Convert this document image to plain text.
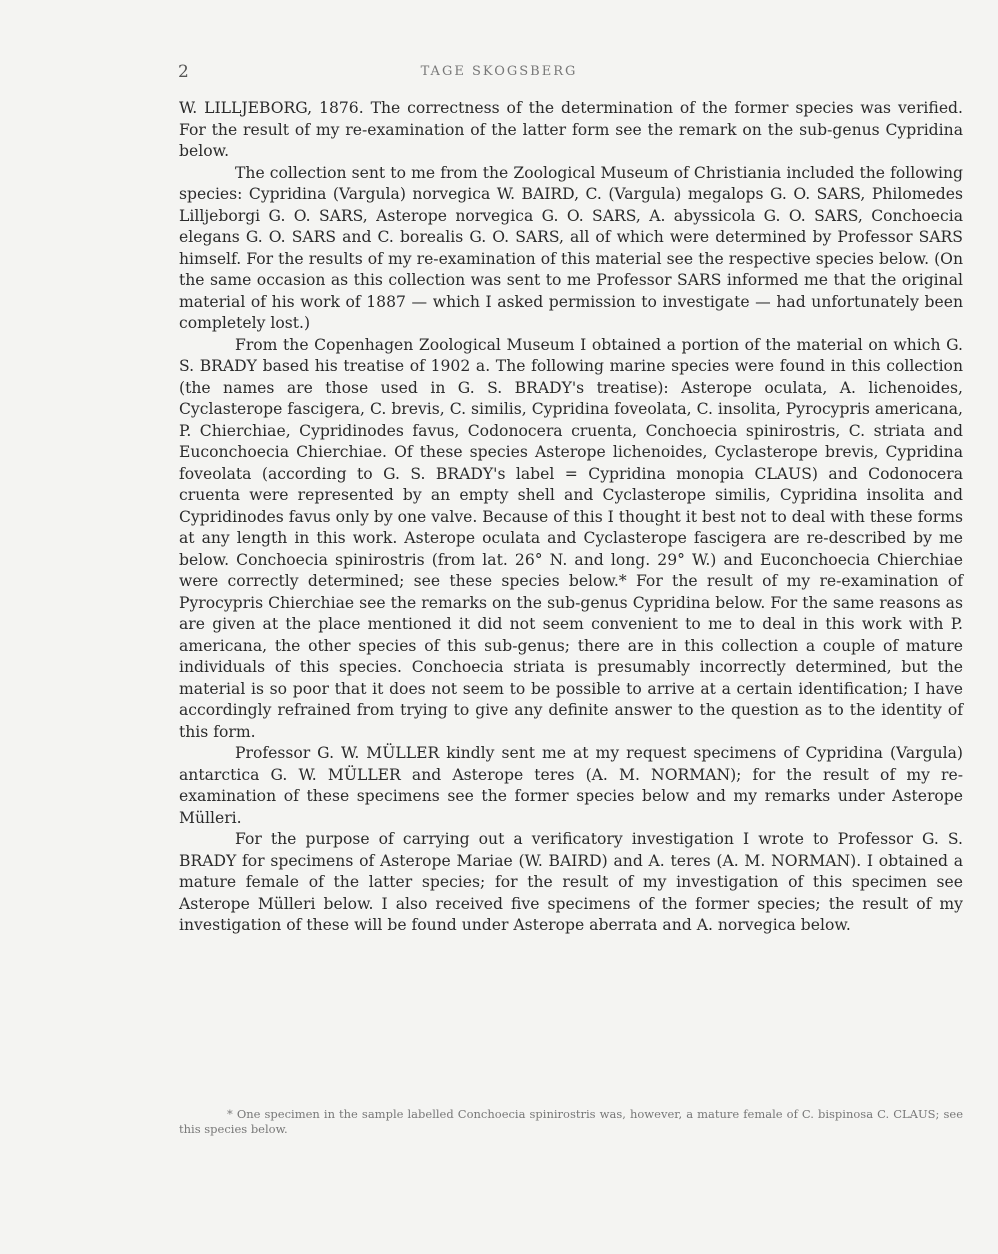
2	TAGE SKOGSBERG

W. LILLJEBORG, 1876. The correctness of the determination of the former species was verified. For the result of my re-examination of the latter form see the remark on the sub-genus Cypridina below.

The collection sent to me from the Zoological Museum of Christiania included the following species: Cypridina (Vargula) norvegica W. BAIRD, C. (Vargula) megalops G. O. SARS, Philomedes Lilljeborgi G. O. SARS, Asterope norvegica G. O. SARS, A. abyssicola G. O. SARS, Conchoecia elegans G. O. SARS and C. borealis G. O. SARS, all of which were determined by Professor SARS himself. For the results of my re-examination of this material see the respective species below. (On the same occasion as this collection was sent to me Professor SARS informed me that the original material of his work of 1887 — which I asked permission to investigate — had unfortunately been completely lost.)

From the Copenhagen Zoological Museum I obtained a portion of the material on which G. S. BRADY based his treatise of 1902 a. The following marine species were found in this collection (the names are those used in G. S. BRADY's treatise): Asterope oculata, A. lichenoides, Cyclasterope fascigera, C. brevis, C. similis, Cypridina foveolata, C. insolita, Pyrocypris americana, P. Chierchiae, Cypridinodes favus, Codonocera cruenta, Conchoecia spinirostris, C. striata and Euconchoecia Chierchiae. Of these species Asterope lichenoides, Cyclasterope brevis, Cypridina foveolata (according to G. S. BRADY's label = Cypridina monopia CLAUS) and Codonocera cruenta were represented by an empty shell and Cyclasterope similis, Cypridina insolita and Cypridinodes favus only by one valve. Because of this I thought it best not to deal with these forms at any length in this work. Asterope oculata and Cyclasterope fascigera are re-described by me below. Conchoecia spinirostris (from lat. 26° N. and long. 29° W.) and Euconchoecia Chierchiae were correctly determined; see these species below.* For the result of my re-examination of Pyrocypris Chierchiae see the remarks on the sub-genus Cypridina below. For the same reasons as are given at the place mentioned it did not seem convenient to me to deal in this work with P. americana, the other species of this sub-genus; there are in this collection a couple of mature individuals of this species. Conchoecia striata is presumably incorrectly determined, but the material is so poor that it does not seem to be possible to arrive at a certain identification; I have accordingly refrained from trying to give any definite answer to the question as to the identity of this form.

Professor G. W. MÜLLER kindly sent me at my request specimens of Cypridina (Vargula) antarctica G. W. MÜLLER and Asterope teres (A. M. NORMAN); for the result of my re-examination of these specimens see the former species below and my remarks under Asterope Mülleri.

For the purpose of carrying out a verificatory investigation I wrote to Professor G. S. BRADY for specimens of Asterope Mariae (W. BAIRD) and A. teres (A. M. NORMAN). I obtained a mature female of the latter species; for the result of my investigation of this specimen see Asterope Mülleri below. I also received five specimens of the former species; the result of my investigation of these will be found under Asterope aberrata and A. norvegica below.

* One specimen in the sample labelled Conchoecia spinirostris was, however, a mature female of C. bispinosa C. CLAUS; see this species below.
